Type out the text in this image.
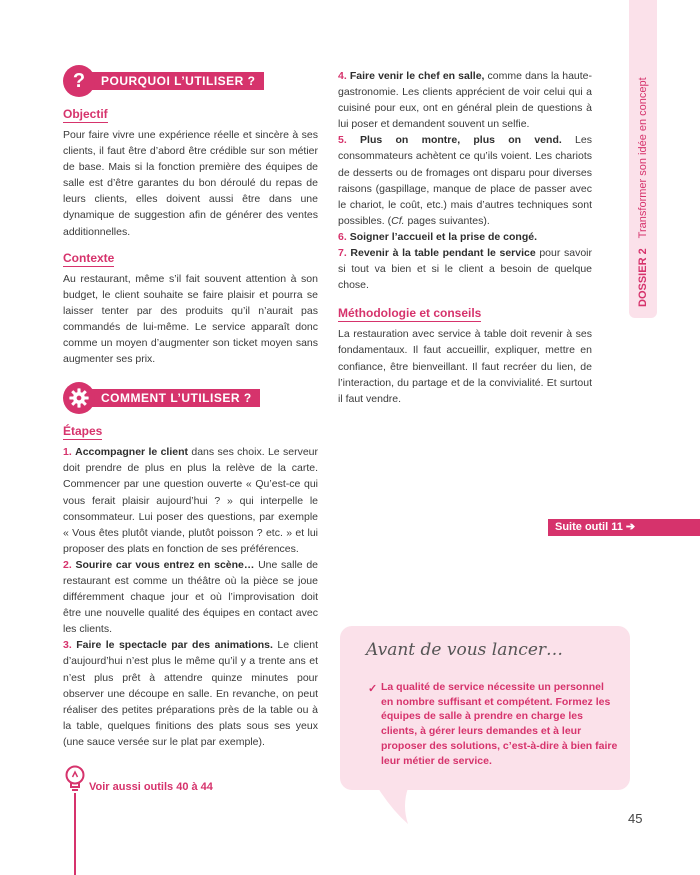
DOSSIER 2Transformer son idée en concept
?	POURQUOI L’UTILISER ?
Objectif

Pour faire vivre une expérience réelle et sincère à ses clients, il faut être d’abord être crédible sur son métier de base. Mais si la fonction première des équipes de salle est d’être garantes du bon déroulé du repas de leurs clients, elles doivent aussi être dans une dynamique de suggestion afin de générer des ventes additionnelles.

Contexte

Au restaurant, même s’il fait souvent attention à son budget, le client souhaite se faire plaisir et pourra se laisser tenter par des produits qu’il n’aurait pas commandés de lui-même. Le service apparaît donc comme un moyen d’augmenter son ticket moyen sans augmenter ses prix.

COMMENT L’UTILISER ?
Étapes

1. Accompagner le client dans ses choix. Le serveur doit prendre de plus en plus la relève de la carte. Commencer par une question ouverte « Qu’est-ce qui vous ferait plaisir aujourd’hui ? » qui interpelle le consommateur. Lui poser des questions, par exemple « Vous êtes plutôt viande, plutôt poisson ? etc. » et lui proposer des plats en fonction de ses préférences.

2. Sourire car vous entrez en scène… Une salle de restaurant est comme un théâtre où la pièce se joue différemment chaque jour et où l’improvisation doit être une nouvelle qualité des équipes en contact avec les clients.

3. Faire le spectacle par des animations. Le client d’aujourd’hui n’est plus le même qu’il y a trente ans et n’est plus prêt à attendre quinze minutes pour observer une découpe en salle. En revanche, on peut réaliser des petites préparations près de la table ou à la table, quelques finitions des plats sous ses yeux (une sauce versée sur le plat par exemple).

4. Faire venir le chef en salle, comme dans la haute-gastronomie. Les clients apprécient de voir celui qui a cuisiné pour eux, ont en général plein de questions à lui poser et demandent souvent un selfie.

5. Plus on montre, plus on vend. Les consommateurs achètent ce qu’ils voient. Les chariots de desserts ou de fromages ont disparu pour diverses raisons (gaspillage, manque de place de passer avec le chariot, le coût, etc.) mais d’autres techniques sont possibles. (Cf. pages suivantes).

6. Soigner l’accueil et la prise de congé.

7. Revenir à la table pendant le service pour savoir si tout va bien et si le client a besoin de quelque chose.

Méthodologie et conseils

La restauration avec service à table doit revenir à ses fondamentaux. Il faut accueillir, expliquer, mettre en confiance, être bienveillant. Il faut recréer du lien, de l’interaction, du partage et de la convivialité. Et surtout il faut vendre.

Suite outil 11 ➔
Avant de vous lancer…
✓ La qualité de service nécessite un personnel en nombre suffisant et compétent. Formez les équipes de salle à prendre en charge les clients, à gérer leurs demandes et à leur proposer des solutions, c’est-à-dire à bien faire leur métier de service.
Voir aussi outils 40 à 44
45
